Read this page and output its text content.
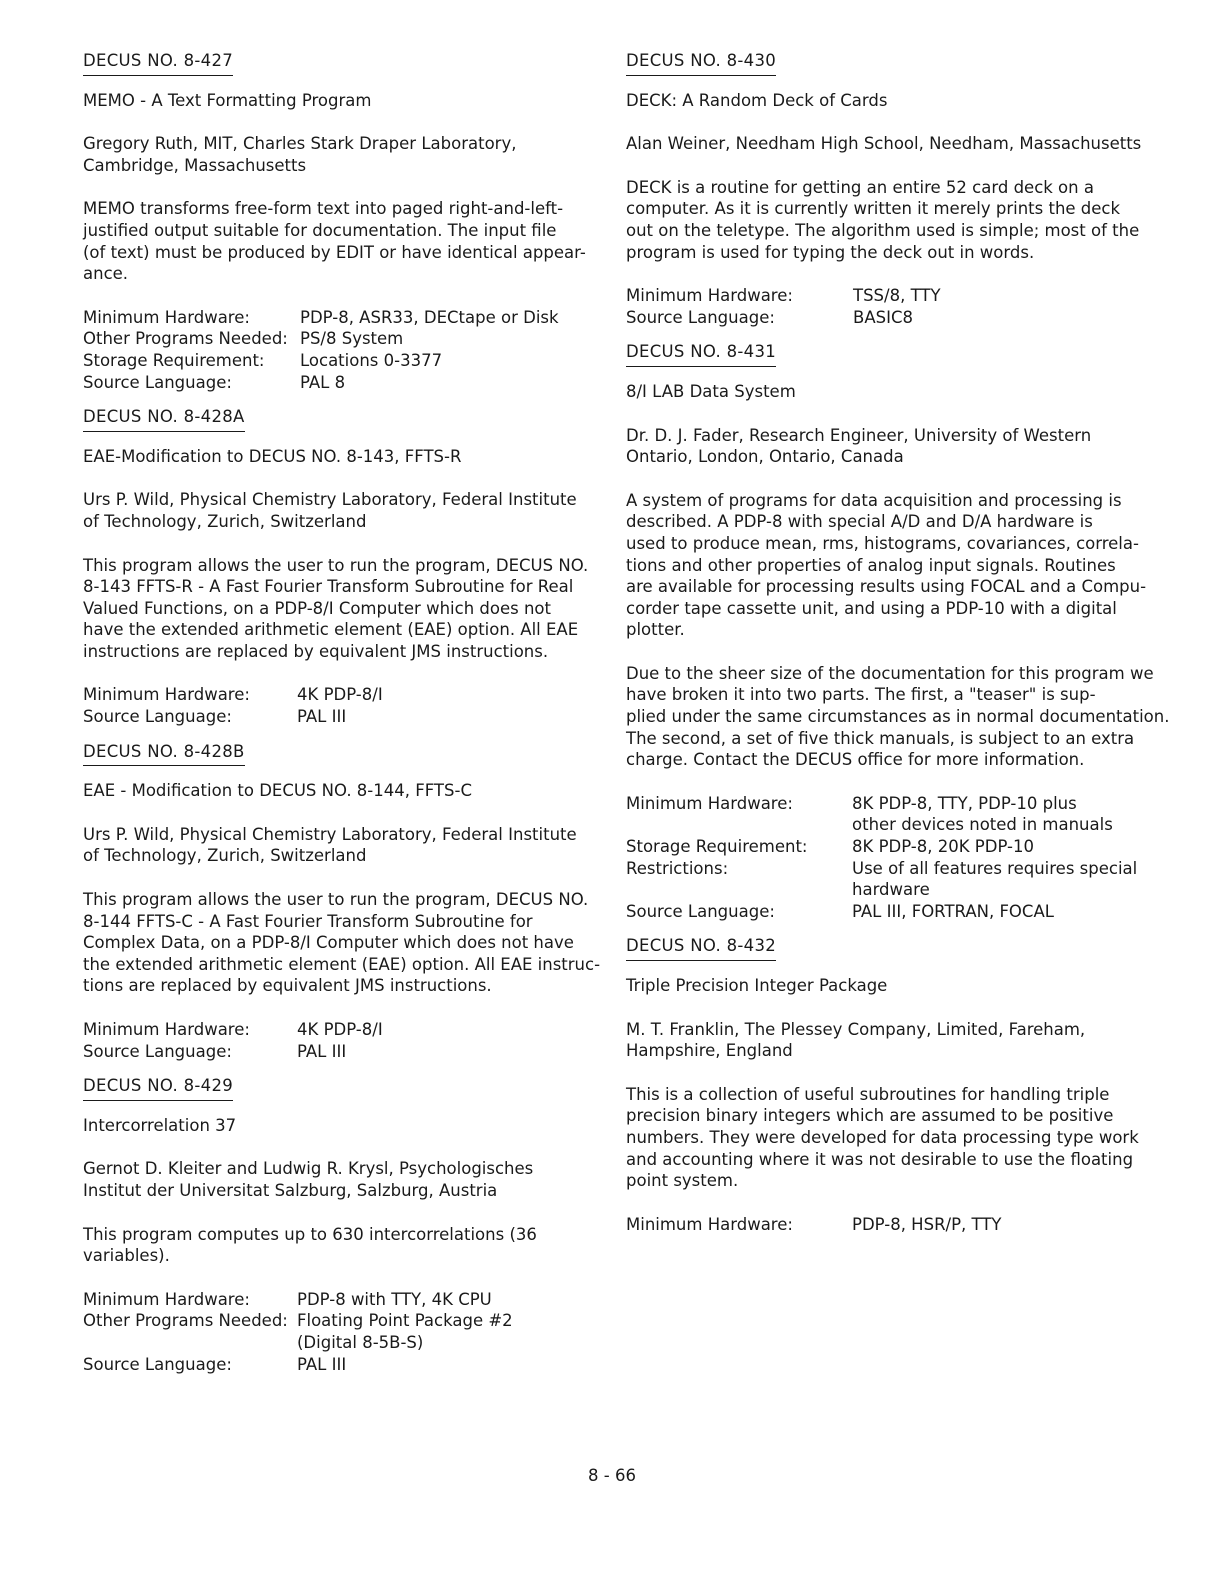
DECUS NO. 8-427

MEMO - A Text Formatting Program

Gregory Ruth, MIT, Charles Stark Draper Laboratory,
Cambridge, Massachusetts

MEMO transforms free-form text into paged right-and-left-
justified output suitable for documentation. The input file
(of text) must be produced by EDIT or have identical appear-
ance.

Minimum Hardware:	PDP-8, ASR33, DECtape or Disk
Other Programs Needed:	PS/8 System
Storage Requirement:	Locations 0-3377
Source Language:	PAL 8
DECUS NO. 8-428A

EAE-Modification to DECUS NO. 8-143, FFTS-R

Urs P. Wild, Physical Chemistry Laboratory, Federal Institute
of Technology, Zurich, Switzerland

This program allows the user to run the program, DECUS NO.
8-143 FFTS-R - A Fast Fourier Transform Subroutine for Real
Valued Functions, on a PDP-8/I Computer which does not
have the extended arithmetic element (EAE) option. All EAE
instructions are replaced by equivalent JMS instructions.

Minimum Hardware:	4K PDP-8/I
Source Language:	PAL III
DECUS NO. 8-428B

EAE - Modification to DECUS NO. 8-144, FFTS-C

Urs P. Wild, Physical Chemistry Laboratory, Federal Institute
of Technology, Zurich, Switzerland

This program allows the user to run the program, DECUS NO.
8-144 FFTS-C - A Fast Fourier Transform Subroutine for
Complex Data, on a PDP-8/I Computer which does not have
the extended arithmetic element (EAE) option. All EAE instruc-
tions are replaced by equivalent JMS instructions.

Minimum Hardware:	4K PDP-8/I
Source Language:	PAL III
DECUS NO. 8-429

Intercorrelation 37

Gernot D. Kleiter and Ludwig R. Krysl, Psychologisches
Institut der Universitat Salzburg, Salzburg, Austria

This program computes up to 630 intercorrelations (36
variables).

Minimum Hardware:	PDP-8 with TTY, 4K CPU
Other Programs Needed:	Floating Point Package #2
(Digital 8-5B-S)

Source Language:	PAL III
DECUS NO. 8-430

DECK: A Random Deck of Cards

Alan Weiner, Needham High School, Needham, Massachusetts

DECK is a routine for getting an entire 52 card deck on a
computer. As it is currently written it merely prints the deck
out on the teletype. The algorithm used is simple; most of the
program is used for typing the deck out in words.

Minimum Hardware:	TSS/8, TTY
Source Language:	BASIC8
DECUS NO. 8-431

8/I LAB Data System

Dr. D. J. Fader, Research Engineer, University of Western
Ontario, London, Ontario, Canada

A system of programs for data acquisition and processing is
described. A PDP-8 with special A/D and D/A hardware is
used to produce mean, rms, histograms, covariances, correla-
tions and other properties of analog input signals. Routines
are available for processing results using FOCAL and a Compu-
corder tape cassette unit, and using a PDP-10 with a digital
plotter.

Due to the sheer size of the documentation for this program we
have broken it into two parts. The first, a "teaser" is sup-
plied under the same circumstances as in normal documentation.
The second, a set of five thick manuals, is subject to an extra
charge. Contact the DECUS office for more information.

Minimum Hardware:	8K PDP-8, TTY, PDP-10 plus
other devices noted in manuals

Storage Requirement:	8K PDP-8, 20K PDP-10
Restrictions:	Use of all features requires special
hardware

Source Language:	PAL III, FORTRAN, FOCAL
DECUS NO. 8-432

Triple Precision Integer Package

M. T. Franklin, The Plessey Company, Limited, Fareham,
Hampshire, England

This is a collection of useful subroutines for handling triple
precision binary integers which are assumed to be positive
numbers. They were developed for data processing type work
and accounting where it was not desirable to use the floating
point system.

Minimum Hardware:	PDP-8, HSR/P, TTY
8 - 66
